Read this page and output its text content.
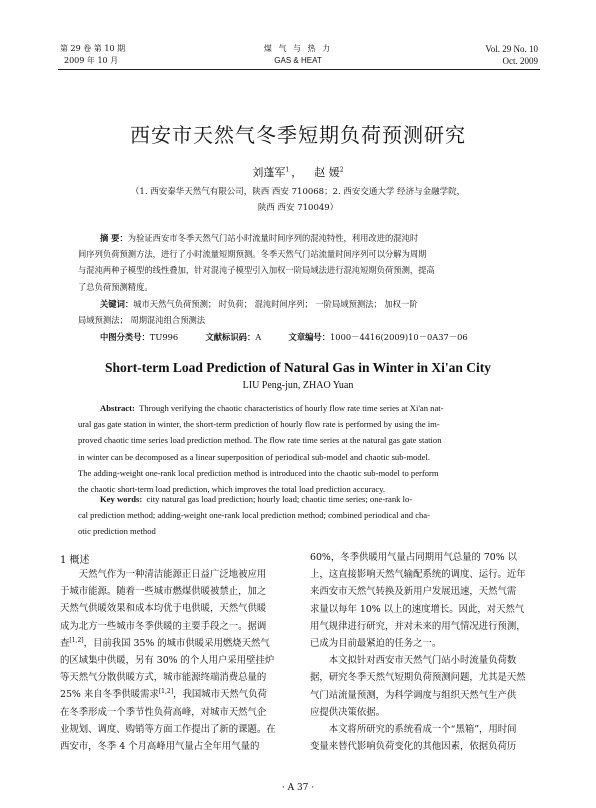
第 29 卷 第 10 期
2009 年 10 月
煤 气 与 热 力
GAS & HEAT
Vol. 29 No. 10
Oct. 2009
西安市天然气冬季短期负荷预测研究
刘蓬军$^1$ ， 赵 媛$^2$
（1. 西安秦华天然气有限公司，陕西 西安 710068；2. 西安交通大学 经济与金融学院，
陕西 西安 710049）
摘 要：为验证西安市冬季天然气门站小时流量时间序列的混沌特性，利用改进的混沌时
间序列负荷预测方法，进行了小时流量短期预测。冬季天然气门站流量时间序列可以分解为周期
与混沌两种子模型的线性叠加，针对混沌子模型引入加权一阶局域法进行混沌短期负荷预测，提高
了总负荷预测精度。
关键词：城市天然气负荷预测； 时负荷； 混沌时间序列； 一阶局域预测法； 加权一阶
局域预测法； 周期混沌组合预测法
中图分类号：TU996	文献标识码：A	文章编号：1000－4416(2009)10－0A37－06
Short-term Load Prediction of Natural Gas in Winter in Xi'an City
LIU Peng-jun, ZHAO Yuan
Abstract: Through verifying the chaotic characteristics of hourly flow rate time series at Xi'an nat-
ural gas gate station in winter, the short-term prediction of hourly flow rate is performed by using the im-
proved chaotic time series load prediction method. The flow rate time series at the natural gas gate station
in winter can be decomposed as a linear superposition of periodical sub-model and chaotic sub-model.
The adding-weight one-rank local prediction method is introduced into the chaotic sub-model to perform
the chaotic short-term load prediction, which improves the total load prediction accuracy.
Key words: city natural gas load prediction; hourly load; chaotic time series; one-rank lo-
cal prediction method; adding-weight one-rank local prediction method; combined periodical and cha-
otic prediction method
1 概述

天然气作为一种清洁能源正日益广泛地被应用

于城市能源。随着一些城市燃煤供暖被禁止，加之

天然气供暖效果和成本均优于电供暖，天然气供暖

成为北方一些城市冬季供暖的主要手段之一。据调

查[1,2]，目前我国 35% 的城市供暖采用燃烧天然气

的区域集中供暖，另有 30% 的个人用户采用壁挂炉

等天然气分散供暖方式，城市能源终端消费总量的

25% 来自冬季供暖需求[1,2]，我国城市天然气负荷

在冬季形成一个季节性负荷高峰，对城市天然气企

业规划、调度、购销等方面工作提出了新的课题。在

西安市，冬季 4 个月高峰用气量占全年用气量的

60%，冬季供暖用气量占同期用气总量的 70% 以

上，这直接影响天然气输配系统的调度、运行。近年

来西安市天然气转换及新用户发展迅速，天然气需

求量以每年 10% 以上的速度增长。因此，对天然气

用气规律进行研究，并对未来的用气情况进行预测，

已成为目前最紧迫的任务之一。

本文拟针对西安市天然气门站小时流量负荷数

据，研究冬季天然气短期负荷预测问题，尤其是天然

气门站流量预测，为科学调度与组织天然气生产供

应提供决策依据。

本文将所研究的系统看成一个“黑箱”，用时间

变量来替代影响负荷变化的其他因素，依据负荷历

· A 37 ·
